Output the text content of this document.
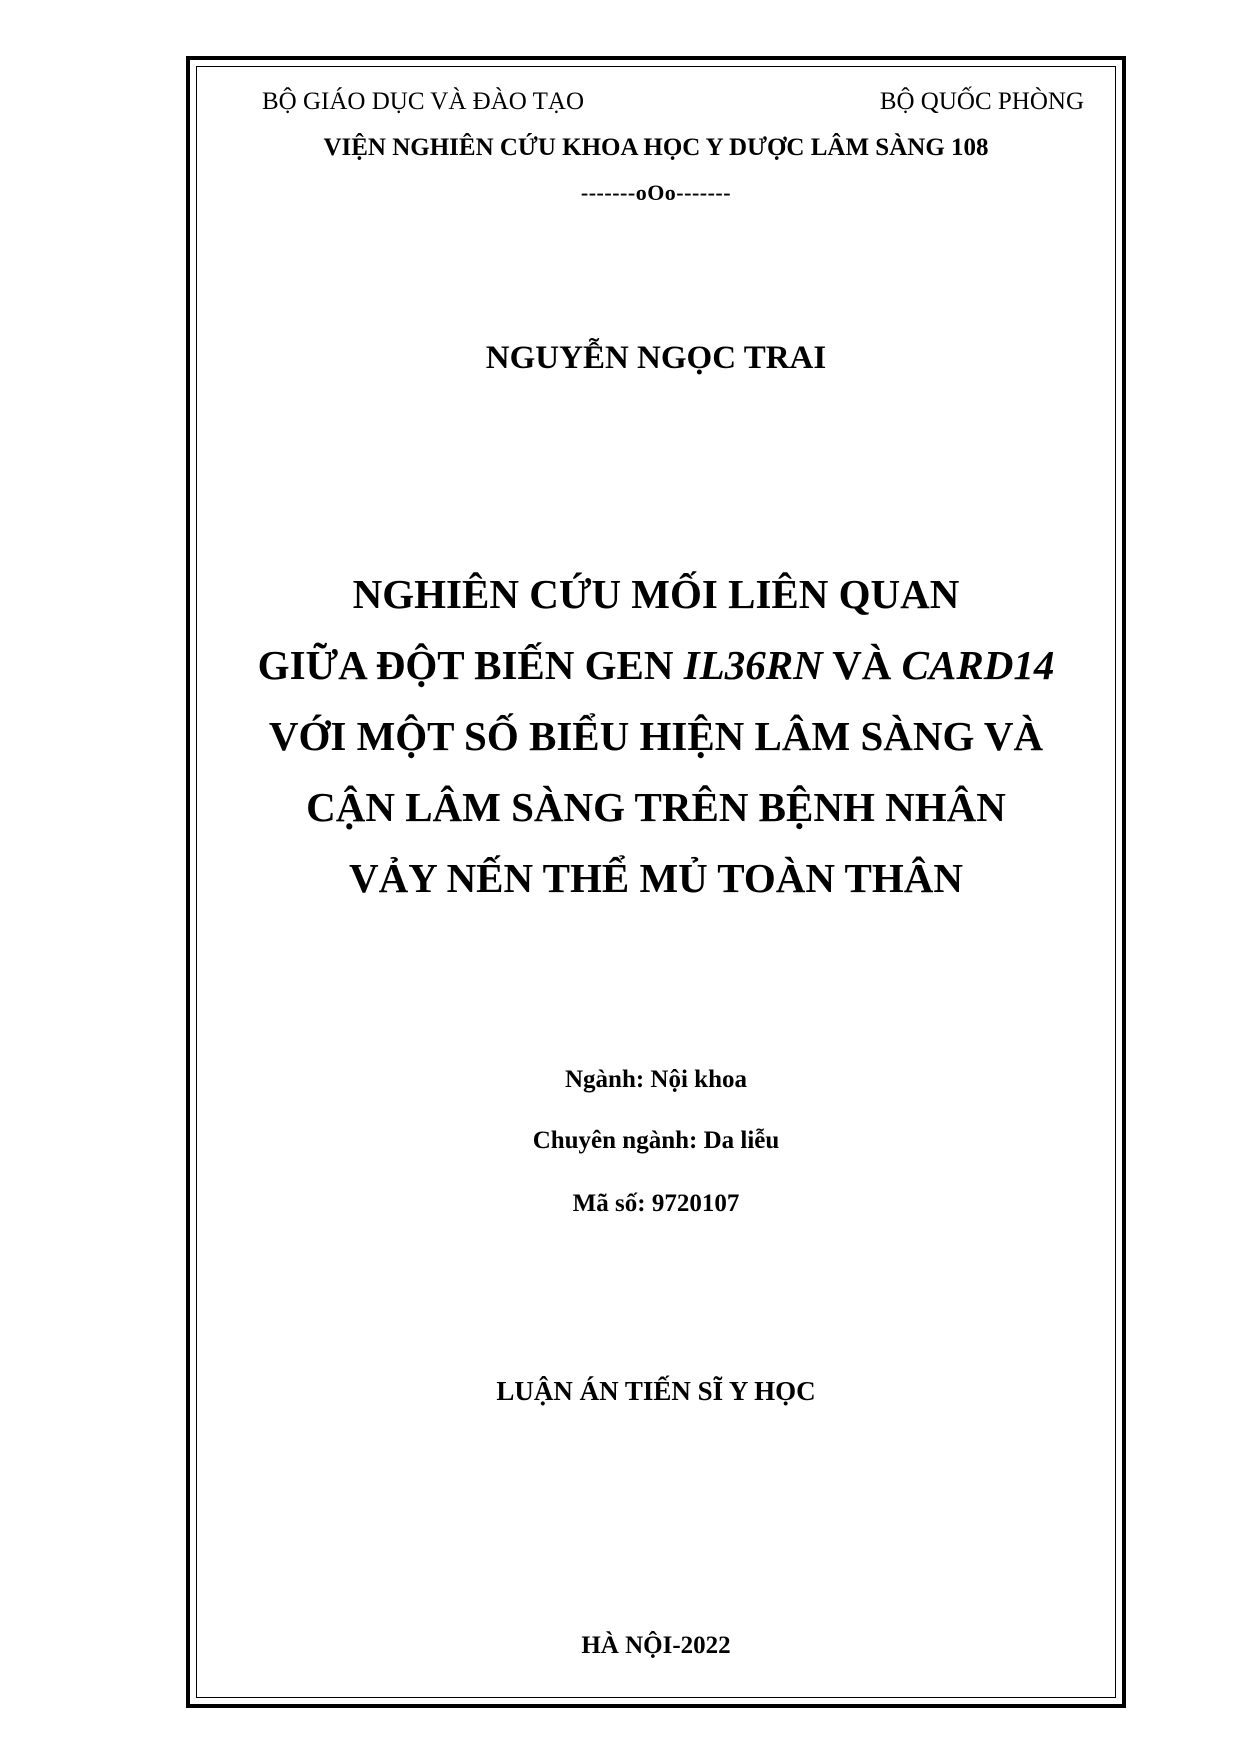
BỘ GIÁO DỤC VÀ ĐÀO TẠO	BỘ QUỐC PHÒNG
VIỆN NGHIÊN CỨU KHOA HỌC Y DƯỢC LÂM SÀNG 108
-------oOo-------
NGUYỄN NGỌC TRAI
NGHIÊN CỨU MỐI LIÊN QUAN
GIỮA ĐỘT BIẾN GEN IL36RN VÀ CARD14
VỚI MỘT SỐ BIỂU HIỆN LÂM SÀNG VÀ
CẬN LÂM SÀNG TRÊN BỆNH NHÂN
VẢY NẾN THỂ MỦ TOÀN THÂN
Ngành: Nội khoa
Chuyên ngành: Da liễu
Mã số: 9720107
LUẬN ÁN TIẾN SĨ Y HỌC
HÀ NỘI-2022
